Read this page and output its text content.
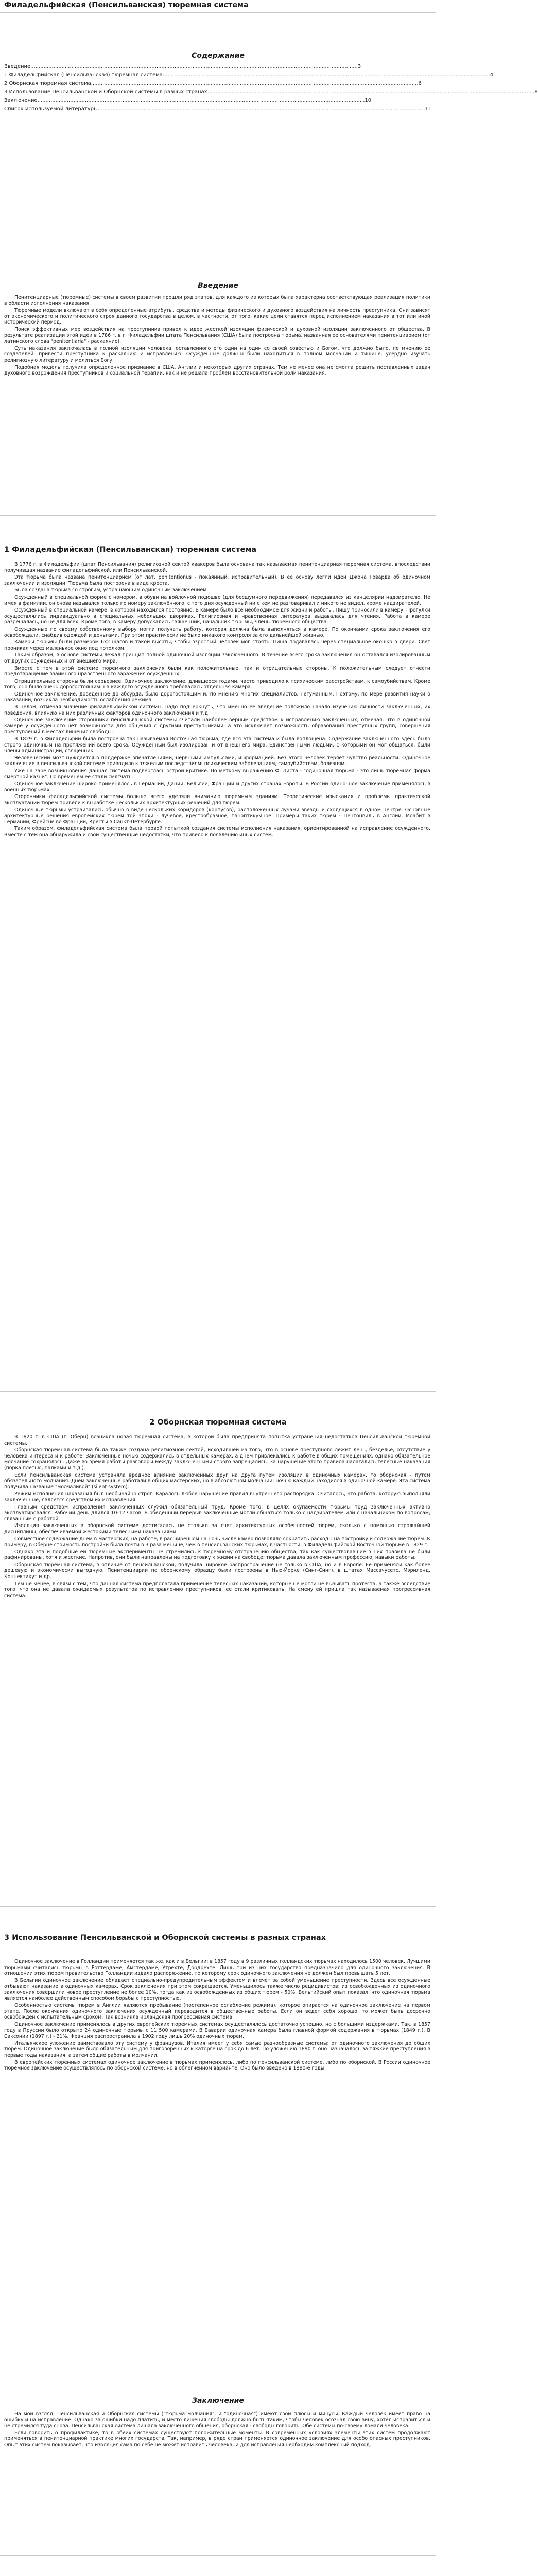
Филадельфийская (Пенсильванская) тюремная система
Содержание
Введение .....	3
1 Филадельфийская (Пенсильванская) тюремная система .....	4
2 Оборнская тюремная система .....	6
3 Использование Пенсильванской и Оборнской системы в разных странах .....	8
Заключение .....	10
Список используемой литературы .....	11
Введение

Пенитенциарные (тюремные) системы в своем развитии прошли ряд этапов, для каждого из которых была характерна соответствующая реализация политики в области исполнения наказания.

Тюремные модели включают в себя определенные атрибуты, средства и методы физического и духовного воздействия на личность преступника. Они зависят от экономического и политического строя данного государства в целом, в частности, от того, какие цели ставятся перед исполнением наказания в тот или иной исторический период.

Поиск эффективных мер воздействия на преступника привел к идее жесткой изоляции физической и духовной изоляции заключенного от общества. В результате реализации этой идеи в 1786 г. в г. Филадельфии штата Пенсильвания (США) была построена тюрьма, названная ее основателями пенитенциарием (от латинского слова "penitentiaria" - раскаяние).

Суть наказания заключалась в полной изоляции человека, оставленного его один на один со своей совестью и Богом, что должно было, по мнению ее создателей, привести преступника к раскаянию и исправлению. Осужденные должны были находиться в полном молчании и тишине, усердно изучать религиозную литературу и молиться Богу.

Подобная модель получила определенное признание в США. Англии и некоторых других странах. Тем не менее она не смогла решить поставленных задач духовного возрождения преступников и социальной терапии, как и не решала проблем восстановительной роли наказания.

1 Филадельфийская (Пенсильванская) тюремная система

В 1776 г. в Филадельфии (штат Пенсильвания) религиозной сектой квакеров была основана так называемая пенитенциарная тюремная система, впоследствии получившая название филадельфийской, или Пенсильванской.

Эта тюрьма была названа пенитенциарием (от лат. penitentionus - покаянный, исправительный). В ее основу легли идеи Джона Говарда об одиночном заключении и изоляции. Тюрьма была построена в виде креста.

Была создана тюрьма со строгим, устрашающим одиночным заключением.

Осужденный в специальной форме с номером, в обуви на войлочной подошве (для бесшумного передвижения) передавался из канцелярии надзирателю. Не имея в фамилии, он снова назывался только по номеру заключённого, с того дня осужденный ни с кем не разговаривал и никого не видел, кроме надзирателей.

Осужденный в специальной камере, в которой находился постоянно. В камере было все необходимое для жизни и работы. Пищу приносили в камеру. Прогулки осуществлялись индивидуально в специальных небольших двориках. Религиозная и нравственная литература выдавалась для чтения. Работа в камере разрешалась, но не для всех. Кроме того, в камеру допускались священник, начальник тюрьмы, члены тюремного общества.

Осужденные по своему собственному выбору могли получать работу, которая должна была выполняться в камере. По окончании срока заключения его освобождали, снабдив одеждой и деньгами. При этом практически не было никакого контроля за его дальнейшей жизнью.

Камеры тюрьмы были размером 6х2 шагов и такой высоты, чтобы взрослый человек мог стоять. Пища подавалась через специальное окошко в двери. Свет проникал через маленькое окно под потолком.

Таким образом, в основе системы лежал принцип полной одиночной изоляции заключенного. В течение всего срока заключения он оставался изолированным от других осужденных и от внешнего мира.

Вместе с тем в этой системе тюремного заключения были как положительные, так и отрицательные стороны. К положительным следует отнести предотвращение взаимного нравственного заражения осужденных.

Отрицательные стороны были серьезнее. Одиночное заключение, длившееся годами, часто приводило к психическим расстройствам, к самоубийствам. Кроме того, оно было очень дорогостоящим: на каждого осужденного требовалась отдельная камера.

Одиночное заключение, доведенное до абсурда, было дорогостоящим и, по мнению многих специалистов, негуманным. Поэтому, по мере развития науки о наказании, возникла необходимость ослабления режима.

В целом, отмечая значение филадельфийской системы, надо подчеркнуть, что именно ее введение положило начало изучению личности заключенных, их поведения, влиянию на них различных факторов одиночного заключения и т.д.

Одиночное заключение сторонники пенсильванской системы считали наиболее верным средством к исправлению заключенных, отмечая, что в одиночной камере у осужденного нет возможности для общения с другими преступниками, а это исключает возможность образования преступных групп, совершения преступлений в местах лишения свободы.

В 1829 г. в Филадельфии была построена так называемая Восточная тюрьма, где вся эта система и была воплощена. Содержание заключенного здесь было строго одиночным на протяжении всего срока. Осужденный был изолирован и от внешнего мира. Единственными людьми, с которыми он мог общаться, были члены администрации, священник.

Человеческий мозг нуждается в поддержке впечатлениями, нервными импульсами, информацией. Без этого человек теряет чувство реальности. Одиночное заключение в пенсильванской системе приводило к тяжелым последствиям: психическим заболеваниям, самоубийствам, болезням.

Уже на заре возникновения данная система подверглась острой критике. По меткому выражению Ф. Листа - "одиночная тюрьма - это лишь тюремная форма смертной казни". Со временем ее стали смягчать.

Одиночное заключение широко применялось в Германии, Дании, Бельгии, Франции и других странах Европы. В России одиночное заключение применялось в военных тюрьмах.

Сторонники филадельфийской системы больше всего уделяли вниманию тюремным зданиям. Теоретические изыскания и проблемы практической эксплуатации тюрем привели к выработке нескольких архитектурных решений для тюрем.

Одиночные тюрьмы устраивались обычно в виде нескольких коридоров (корпусов), расположенных лучами звезды и сходящихся в одном центре. Основные архитектурные решения европейских тюрем той эпохи - лучевое, крестообразное, паноптикумное. Примеры таких тюрем - Пентонвиль в Англии, Моабит в Германии, Фрейсне во Франции, Кресты в Санкт-Петербурге.

Таким образом, филадельфийская система была первой попыткой создания системы исполнения наказания, ориентированной на исправление осужденного. Вместе с тем она обнаружила и свои существенные недостатки, что привело к появлению иных систем.

2 Оборнская тюремная система

В 1820 г. в США (г. Оберн) возникла новая тюремная система, в которой была предпринята попытка устранения недостатков Пенсильванской тюремной системы.

Оборнская тюремная система была также создана религиозной сектой, исходившей из того, что в основе преступного лежит лень, безделье, отсутствие у человека интереса и к работе. Заключенные ночью содержались в отдельных камерах, а днем привлекались к работе в общих помещениях, однако обязательное молчание сохранялось. Даже во время работы разговоры между заключенными строго запрещались. За нарушение этого правила налагались телесные наказания (порка плетью, палками и т.д.).

Если пенсильванская система устраняла вредное влияние заключенных друг на друга путем изоляции в одиночных камерах, то оборнская - путем обязательного молчания. Днем заключенные работали в общих мастерских, но в абсолютном молчании; ночью каждый находился в одиночной камере. Эта система получила название "молчаливой" (silent system).

Режим исполнения наказания был необычайно строг. Каралось любое нарушение правил внутреннего распорядка. Считалось, что работа, которую выполняли заключенные, является средством их исправления.

Главным средством исправления заключенных служил обязательный труд. Кроме того, в целях окупаемости тюрьмы труд заключенных активно эксплуатировался. Рабочий день длился 10-12 часов. В обеденный перерыв заключенные могли общаться только с надзирателем или с начальником по вопросам, связанным с работой.

Изоляция заключенных в оборнской системе достигалась не столько за счет архитектурных особенностей тюрем, сколько с помощью строжайшей дисциплины, обеспечиваемой жестокими телесными наказаниями.

Совместное содержание днем в мастерских, на работе, в расширенном на ночь числе камер позволяло сократить расходы на постройку и содержание тюрем. К примеру, в Оберне стоимость постройки была почти в 3 раза меньше, чем в пенсильванских тюрьмах, в частности, в Филадельфийской Восточной тюрьме в 1829 г.

Однако эта и подобные ей тюремные эксперименты не стремились к тюремному отстранению общества, так как существовавшие в них правила не были рафинированы, хотя и жесткие. Напротив, они были направлены на подготовку к жизни на свободе: тюрьма давала заключенным профессию, навыки работы.

Оборнская тюремная система, в отличие от пенсильванской, получила широкое распространение не только в США, но и в Европе. Ее применяли как более дешевую и экономически выгодную. Пенитенциарии по оборнскому образцу были построены в Нью-Йорке (Синг-Синг), в штатах Массачусетс, Мэриленд, Коннектикут и др.

Тем не менее, в связи с тем, что данная система предполагала применение телесных наказаний, которые не могли не вызывать протеста, а также вследствие того, что она не давала ожидаемых результатов по исправлению преступников, ее стали критиковать. На смену ей пришла так называемая прогрессивная система.

3 Использование Пенсильванской и Оборнской системы в разных странах

Одиночное заключение в Голландии применяется так же, как и в Бельгии: в 1857 году в 9 различных голландских тюрьмах находилось 1500 человек. Лучшими тюрьмами считались тюрьмы в Роттердаме, Амстердаме, Утрехте, Дордрехте. Лишь три из них государство предназначило для одиночного заключения. В отношении этих тюрем правительство Голландии издало распоряжение, по которому срок одиночного заключения не должен был превышать 5 лет.

В Бельгии одиночное заключение обладает специально-предупредительным эффектом и влечет за собой уменьшение преступности. Здесь все осужденные отбывают наказание в одиночных камерах. Срок заключения при этом сокращается. Уменьшилось также число рецидивистов: из освобожденных из одиночного заключения совершили новое преступление не более 10%, тогда как из освобожденных из общих тюрем - 50%. Бельгийский опыт показал, что одиночная тюрьма является наиболее действенным способом борьбы с преступностью.

Особенностью системы тюрем в Англии являются пребывание (постепенное ослабление режима), которое опирается на одиночное заключение на первом этапе. После окончания одиночного заключения осужденный переводится в общественные работы. Если он ведет себя хорошо, то может быть досрочно освобожден с испытательным сроком. Так возникла ирландская прогрессивная система.

Одиночное заключение применялось в других европейских тюремных системах осуществлялось достаточно успешно, но с большими издержками. Так, в 1857 году в Пруссии было открыто 24 одиночные тюрьмы с 11 500 камерами. В Баварии одиночная камера была главной формой содержания в тюрьмах (1849 г.). В Саксонии (1897 г.) - 21%. Франция распространила в 1902 году лишь 20% одиночных тюрем.

Итальянское уложение заимствовало эту систему у французов. Италия имеет у себя самые разнообразные системы: от одиночного заключения до общих тюрем. Одиночное заключение было обязательным для приговоренных к каторге на срок до 6 лет. По уложению 1890 г. оно назначалось за тяжкие преступления в первые годы наказания, а затем общие работы в молчании.

В европейских тюремных системах одиночное заключение в тюрьмах применялось, либо по пенсильванской системе, либо по оборнской. В России одиночное тюремное заключение осуществлялось по оборнской системе, но в облегченном варианте. Оно было введено в 1880-е годы.

Заключение

На мой взгляд, Пенсильванская и Оборнская системы ("тюрьма молчания", и "одиночная") имеют свои плюсы и минусы. Каждый человек имеет право на ошибку и на исправление. Однако за ошибки надо платить, и место лишения свободы должно быть таким, чтобы человек осознал свою вину, хотел исправиться и не стремился туда снова. Пенсильванская система лишала заключенного общения, оборнская - свободы говорить. Обе системы по-своему ломали человека.

Если говорить о профилактике, то в обеих системах существуют положительные моменты. В современных условиях элементы этих систем продолжают применяться в пенитенциарной практике многих государств. Так, например, в ряде стран применяется одиночное заключение для особо опасных преступников. Опыт этих систем показывает, что изоляция сама по себе не может исправить человека, и для исправления необходим комплексный подход.
